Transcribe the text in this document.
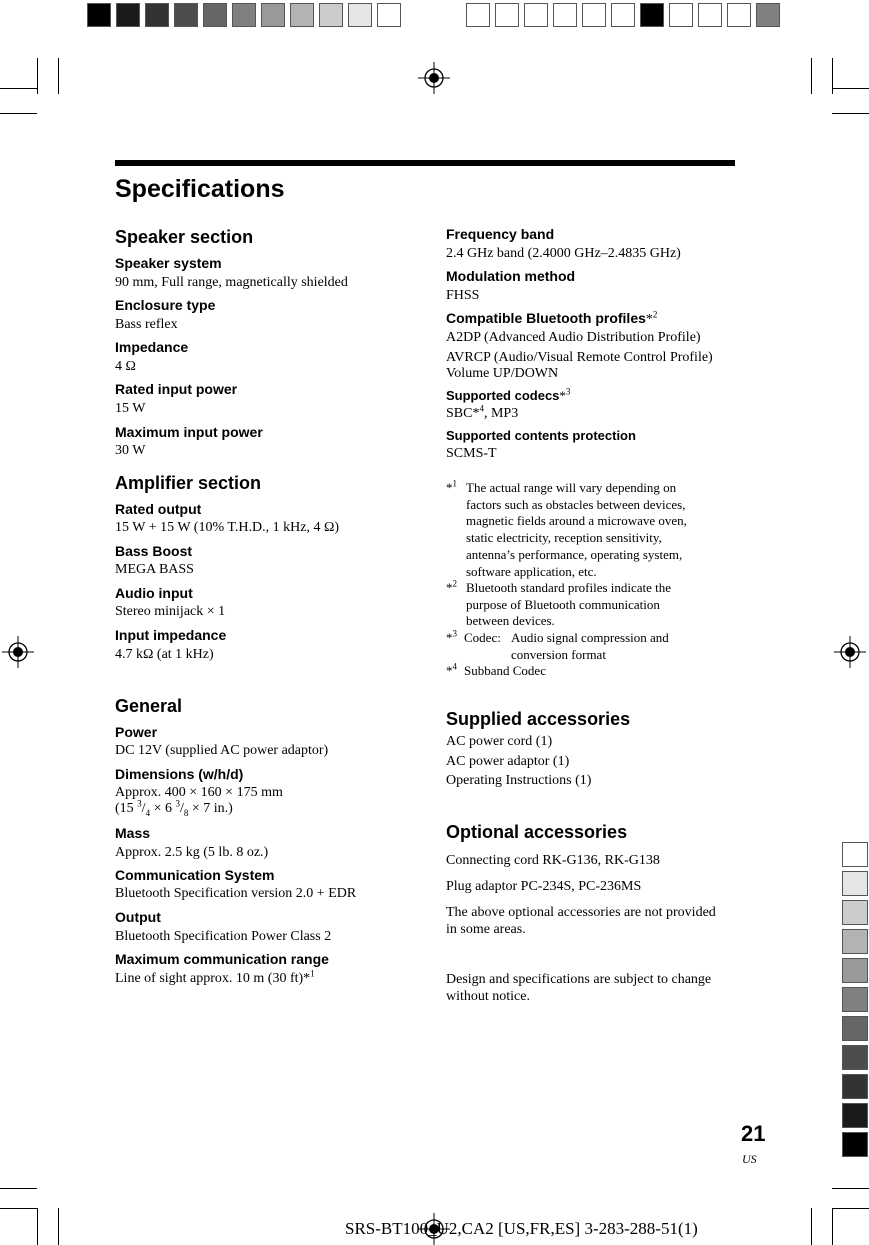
Specifications
Speaker section
Speaker system
90 mm, Full range, magnetically shielded
Enclosure type
Bass reflex
Impedance
4 Ω
Rated input power
15 W
Maximum input power
30 W
Amplifier section
Rated output
15 W + 15 W (10% T.H.D., 1 kHz, 4 Ω)
Bass Boost
MEGA BASS
Audio input
Stereo minijack × 1
Input impedance
4.7 kΩ (at 1 kHz)
General
Power
DC 12V (supplied AC power adaptor)
Dimensions (w/h/d)
Approx. 400 × 160 × 175 mm
(15 $^3/_4 \times 6$ $^3/_8 \times 7$ in.)
Mass
Approx. 2.5 kg (5 lb. 8 oz.)
Communication System
Bluetooth Specification version 2.0 + EDR
Output
Bluetooth Specification Power Class 2
Maximum communication range
Line of sight approx. 10 m (30 ft)*$^1$
Frequency band
2.4 GHz band (2.4000 GHz–2.4835 GHz)
Modulation method
FHSS
Compatible Bluetooth profiles*$^2$
A2DP (Advanced Audio Distribution Profile)
AVRCP (Audio/Visual Remote Control Profile)
Volume UP/DOWN
Supported codecs*$^3$
SBC*$^4$, MP3
Supported contents protection
SCMS-T
*$^1$ The actual range will vary depending on
factors such as obstacles between devices,
magnetic fields around a microwave oven,
static electricity, reception sensitivity,
antenna’s performance, operating system,
software application, etc.
*$^2$ Bluetooth standard profiles indicate the
purpose of Bluetooth communication
between devices.
*$^3$ Codec: Audio signal compression and
conversion format
*$^4$ Subband Codec
Supplied accessories
AC power cord (1)
AC power adaptor (1)
Operating Instructions (1)
Optional accessories
Connecting cord RK-G136, RK-G138
Plug adaptor PC-234S, PC-236MS
The above optional accessories are not provided
in some areas.
Design and specifications are subject to change
without notice.
21
US
SRS-BT100_U2,CA2 [US,FR,ES] 3-283-288-51(1)
